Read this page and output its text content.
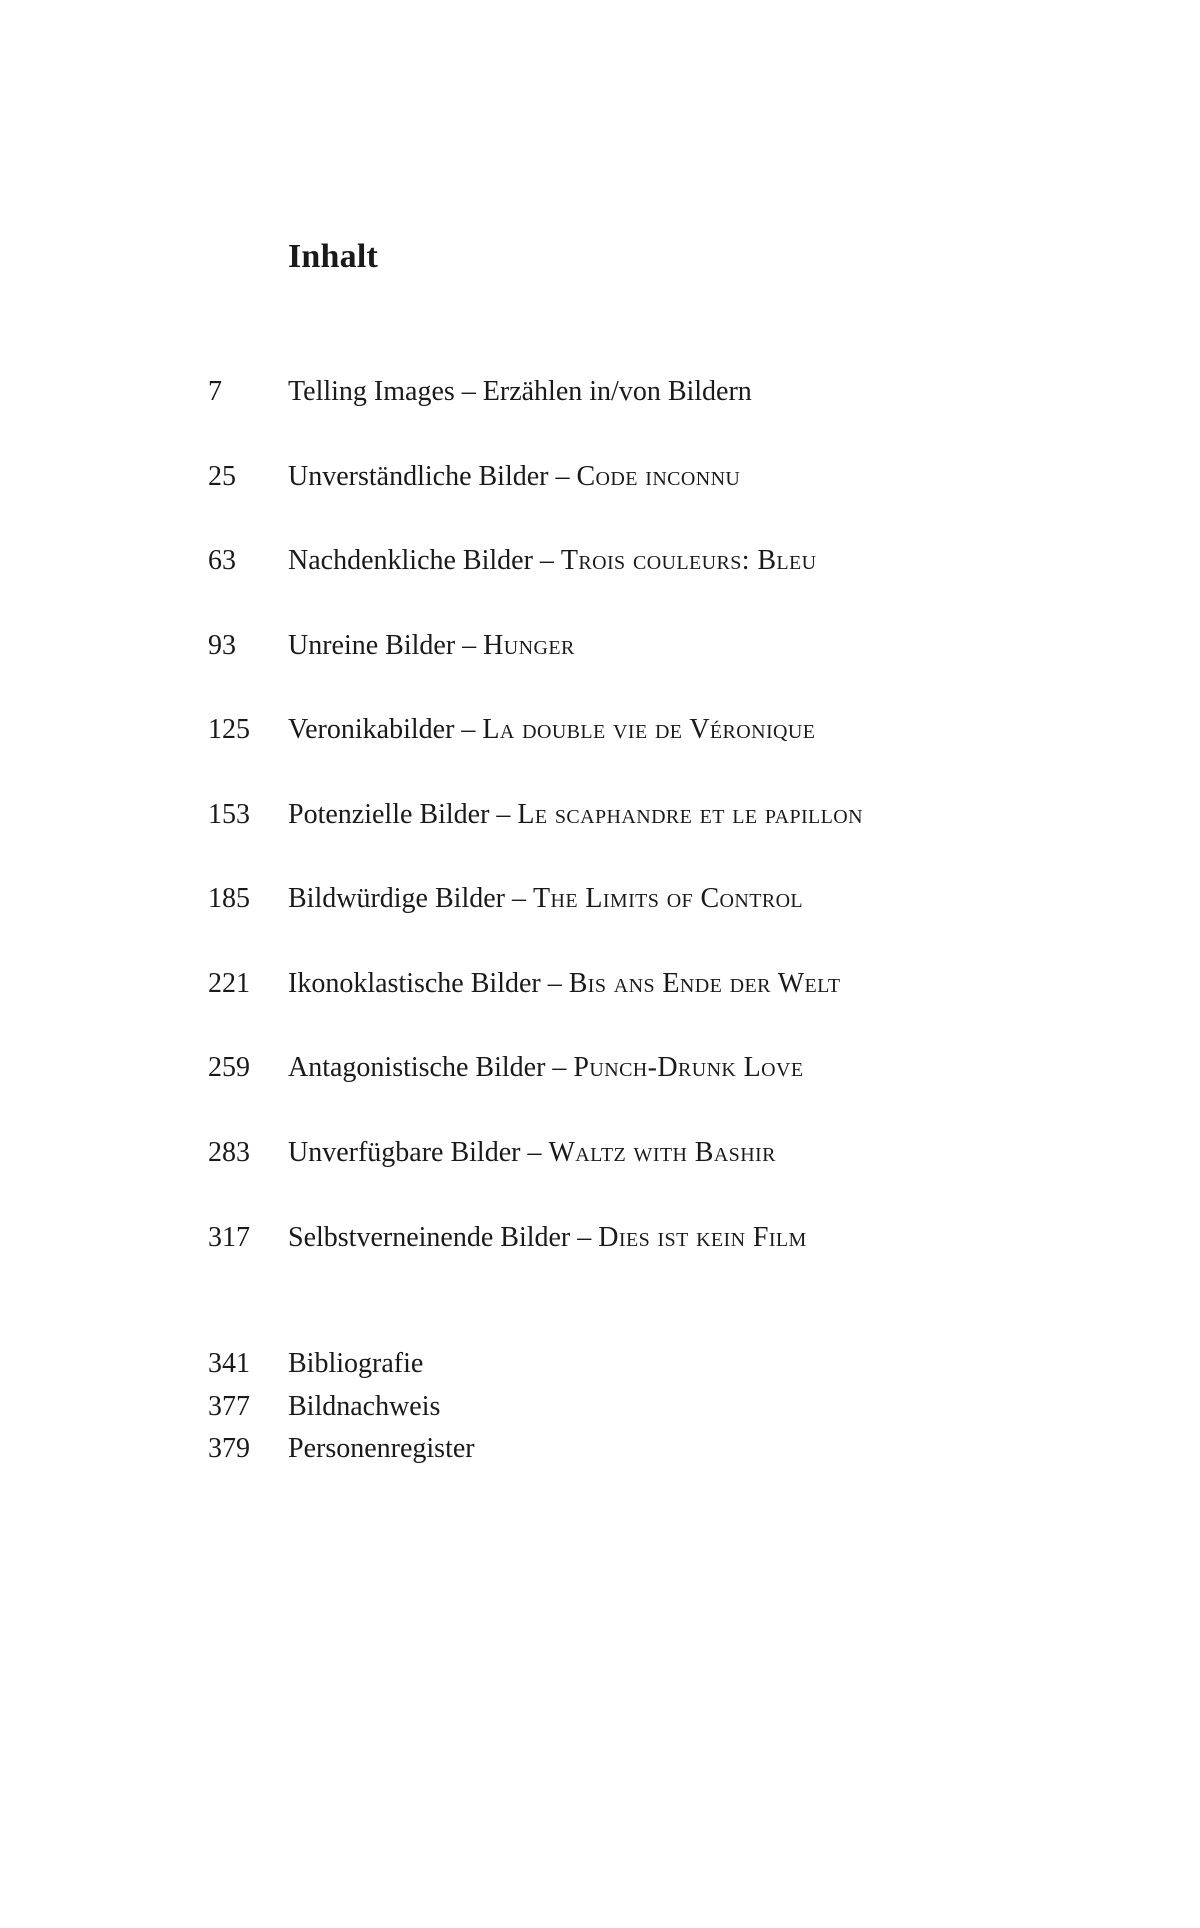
Inhalt
7 Telling Images – Erzählen in/von Bildern
25 Unverständliche Bilder – Code inconnu
63 Nachdenkliche Bilder – Trois couleurs: Bleu
93 Unreine Bilder – Hunger
125 Veronikabilder – La double vie de Véronique
153 Potenzielle Bilder – Le scaphandre et le papillon
185 Bildwürdige Bilder – The Limits of Control
221 Ikonoklastische Bilder – Bis ans Ende der Welt
259 Antagonistische Bilder – Punch-Drunk Love
283 Unverfügbare Bilder – Waltz with Bashir
317 Selbstverneinende Bilder – Dies ist kein Film
341 Bibliografie
377 Bildnachweis
379 Personenregister
